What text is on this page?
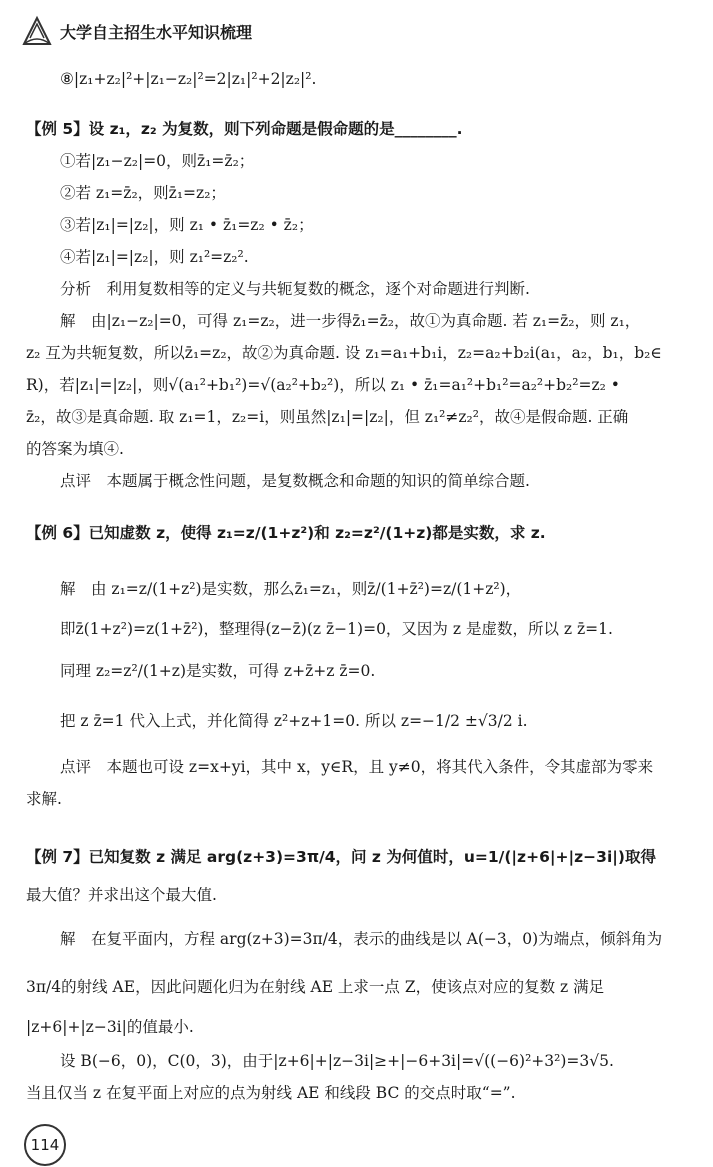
大学自主招生水平知识梳理
⑧|z₁+z₂|²+|z₁−z₂|²=2|z₁|²+2|z₂|².
【例 5】设 z₁，z₂ 为复数，则下列命题是假命题的是________.
①若|z₁−z₂|=0，则z̄₁=z̄₂；
②若 z₁=z̄₂，则z̄₁=z₂；
③若|z₁|=|z₂|，则 z₁ • z̄₁=z₂ • z̄₂；
④若|z₁|=|z₂|，则 z₁²=z₂².
分析　利用复数相等的定义与共轭复数的概念，逐个对命题进行判断.
解　由|z₁−z₂|=0，可得 z₁=z₂，进一步得z̄₁=z̄₂，故①为真命题. 若 z₁=z̄₂，则 z₁，
z₂ 互为共轭复数，所以z̄₁=z₂，故②为真命题. 设 z₁=a₁+b₁i，z₂=a₂+b₂i(a₁，a₂，b₁，b₂∈
R)，若|z₁|=|z₂|，则√(a₁²+b₁²)=√(a₂²+b₂²)，所以 z₁ • z̄₁=a₁²+b₁²=a₂²+b₂²=z₂ •
z̄₂，故③是真命题. 取 z₁=1，z₂=i，则虽然|z₁|=|z₂|，但 z₁²≠z₂²，故④是假命题. 正确
的答案为填④.
点评　本题属于概念性问题，是复数概念和命题的知识的简单综合题.
【例 6】已知虚数 z，使得 z₁=z/(1+z²)和 z₂=z²/(1+z)都是实数，求 z.
解　由 z₁=z/(1+z²)是实数，那么z̄₁=z₁，则z̄/(1+z̄²)=z/(1+z²)，
即z̄(1+z²)=z(1+z̄²)，整理得(z−z̄)(z z̄−1)=0，又因为 z 是虚数，所以 z z̄=1.
同理 z₂=z²/(1+z)是实数，可得 z+z̄+z z̄=0.
把 z z̄=1 代入上式，并化简得 z²+z+1=0. 所以 z=−1/2 ±√3/2 i.
点评　本题也可设 z=x+yi，其中 x，y∈R，且 y≠0，将其代入条件，令其虚部为零来
求解.
【例 7】已知复数 z 满足 arg(z+3)=3π/4，问 z 为何值时，u=1/(|z+6|+|z−3i|)取得
最大值？并求出这个最大值.
解　在复平面内，方程 arg(z+3)=3π/4，表示的曲线是以 A(−3，0)为端点，倾斜角为
3π/4的射线 AE，因此问题化归为在射线 AE 上求一点 Z，使该点对应的复数 z 满足
|z+6|+|z−3i|的值最小.
设 B(−6，0)，C(0，3)，由于|z+6|+|z−3i|≥+|−6+3i|=√((−6)²+3²)=3√5.
当且仅当 z 在复平面上对应的点为射线 AE 和线段 BC 的交点时取“=”.
114
